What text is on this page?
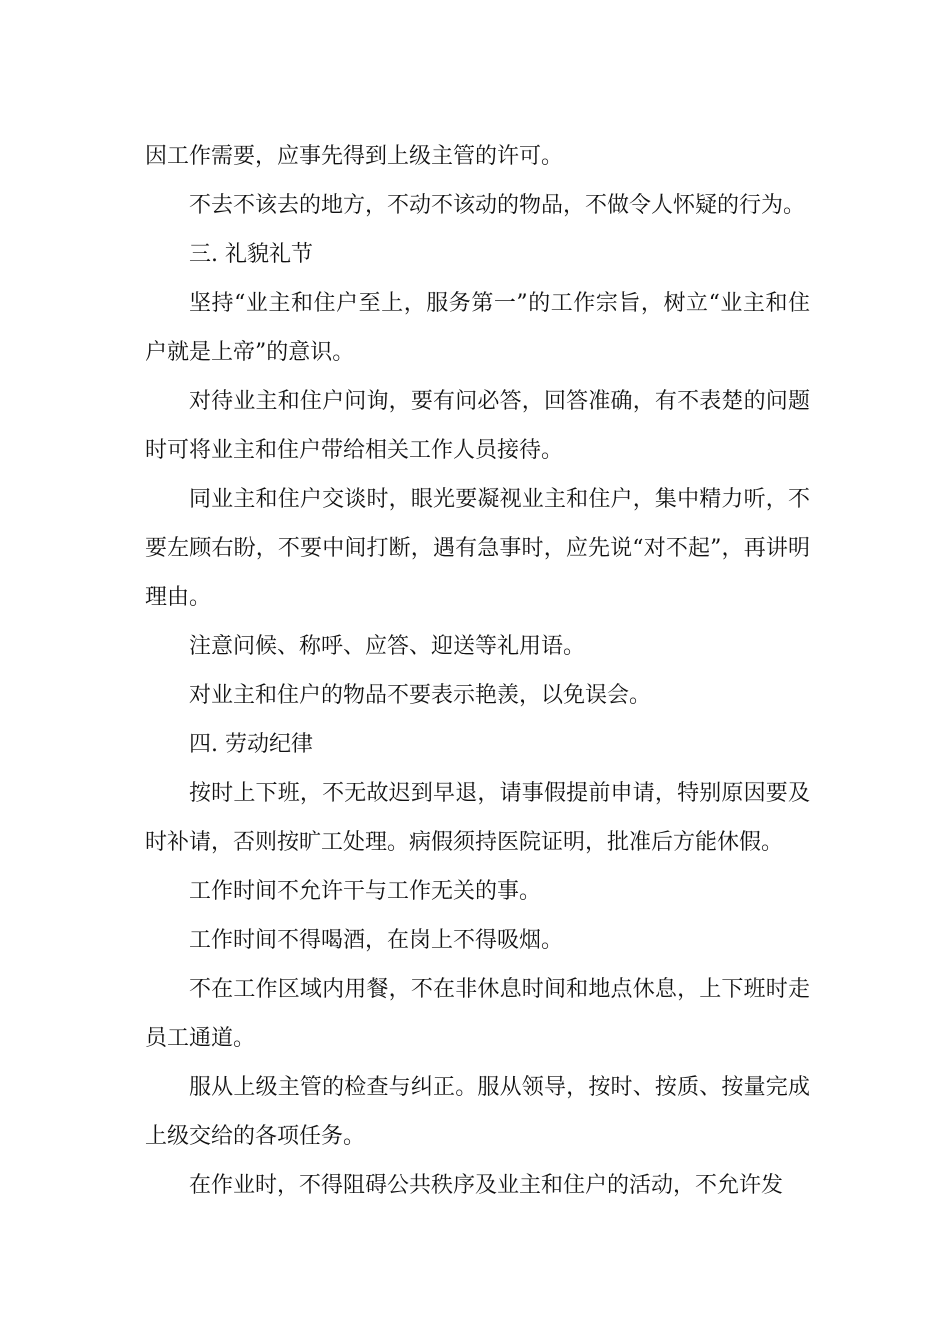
因工作需要，应事先得到上级主管的许可。

不去不该去的地方，不动不该动的物品，不做令人怀疑的行为。

三. 礼貌礼节

坚持“业主和住户至上，服务第一”的工作宗旨，树立“业主和住户就是上帝”的意识。

对待业主和住户问询，要有问必答，回答准确，有不表楚的问题时可将业主和住户带给相关工作人员接待。

同业主和住户交谈时，眼光要凝视业主和住户，集中精力听，不要左顾右盼，不要中间打断，遇有急事时，应先说“对不起”，再讲明理由。

注意问候、称呼、应答、迎送等礼用语。

对业主和住户的物品不要表示艳羡，以免误会。

四. 劳动纪律

按时上下班，不无故迟到早退，请事假提前申请，特别原因要及时补请，否则按旷工处理。病假须持医院证明，批准后方能休假。

工作时间不允许干与工作无关的事。

工作时间不得喝酒，在岗上不得吸烟。

不在工作区域内用餐，不在非休息时间和地点休息，上下班时走员工通道。

服从上级主管的检查与纠正。服从领导，按时、按质、按量完成上级交给的各项任务。

在作业时，不得阻碍公共秩序及业主和住户的活动，不允许发
